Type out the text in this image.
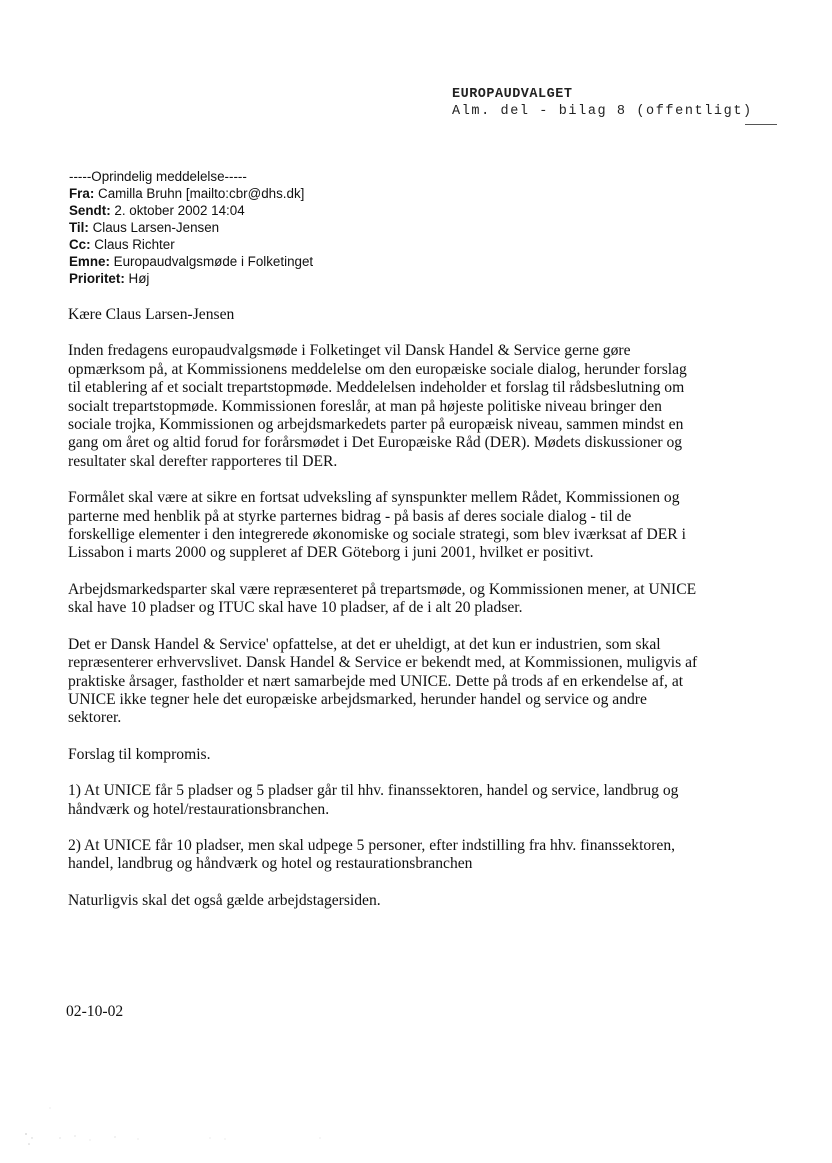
EUROPAUDVALGET
Alm. del - bilag 8 (offentligt)
-----Oprindelig meddelelse-----
Fra: Camilla Bruhn [mailto:cbr@dhs.dk]
Sendt: 2. oktober 2002 14:04
Til: Claus Larsen-Jensen
Cc: Claus Richter
Emne: Europaudvalgsmøde i Folketinget
Prioritet: Høj

Kære Claus Larsen-Jensen

Inden fredagens europaudvalgsmøde i Folketinget vil Dansk Handel & Service gerne gøre
opmærksom på, at Kommissionens meddelelse om den europæiske sociale dialog, herunder forslag
til etablering af et socialt trepartstopmøde. Meddelelsen indeholder et forslag til rådsbeslutning om
socialt trepartstopmøde. Kommissionen foreslår, at man på højeste politiske niveau bringer den
sociale trojka, Kommissionen og arbejdsmarkedets parter på europæisk niveau, sammen mindst en
gang om året og altid forud for forårsmødet i Det Europæiske Råd (DER). Mødets diskussioner og
resultater skal derefter rapporteres til DER.

Formålet skal være at sikre en fortsat udveksling af synspunkter mellem Rådet, Kommissionen og
parterne med henblik på at styrke parternes bidrag - på basis af deres sociale dialog - til de
forskellige elementer i den integrerede økonomiske og sociale strategi, som blev iværksat af DER i
Lissabon i marts 2000 og suppleret af DER Göteborg i juni 2001, hvilket er positivt.

Arbejdsmarkedsparter skal være repræsenteret på trepartsmøde, og Kommissionen mener, at UNICE
skal have 10 pladser og ITUC skal have 10 pladser, af de i alt 20 pladser.

Det er Dansk Handel & Service' opfattelse, at det er uheldigt, at det kun er industrien, som skal
repræsenterer erhvervslivet. Dansk Handel & Service er bekendt med, at Kommissionen, muligvis af
praktiske årsager, fastholder et nært samarbejde med UNICE. Dette på trods af en erkendelse af, at
UNICE ikke tegner hele det europæiske arbejdsmarked, herunder handel og service og andre
sektorer.

Forslag til kompromis.

1) At UNICE får 5 pladser og 5 pladser går til hhv. finanssektoren, handel og service, landbrug og
håndværk og hotel/restaurationsbranchen.

2) At UNICE får 10 pladser, men skal udpege 5 personer, efter indstilling fra hhv. finanssektoren,
handel, landbrug og håndværk og hotel og restaurationsbranchen

Naturligvis skal det også gælde arbejdstagersiden.

02-10-02
